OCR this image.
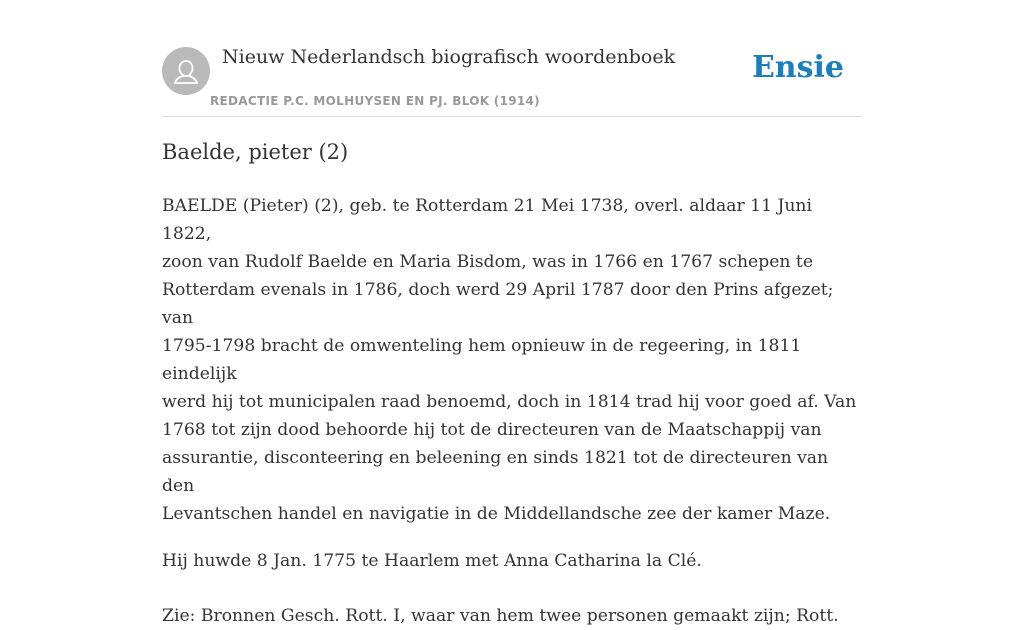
Nieuw Nederlandsch biografisch woordenboek
REDACTIE P.C. MOLHUYSEN EN PJ. BLOK (1914)
Ensie
Baelde, pieter (2)

BAELDE (Pieter) (2), geb. te Rotterdam 21 Mei 1738, overl. aldaar 11 Juni 1822,
zoon van Rudolf Baelde en Maria Bisdom, was in 1766 en 1767 schepen te
Rotterdam evenals in 1786, doch werd 29 April 1787 door den Prins afgezet; van
1795-1798 bracht de omwenteling hem opnieuw in de regeering, in 1811 eindelijk
werd hij tot municipalen raad benoemd, doch in 1814 trad hij voor goed af. Van
1768 tot zijn dood behoorde hij tot de directeuren van de Maatschappij van
assurantie, disconteering en beleening en sinds 1821 tot de directeuren van den
Levantschen handel en navigatie in de Middellandsche zee der kamer Maze.

Hij huwde 8 Jan. 1775 te Haarlem met Anna Catharina la Clé.

Zie: Bronnen Gesch. Rott. I, waar van hem twee personen gemaakt zijn; Rott.
